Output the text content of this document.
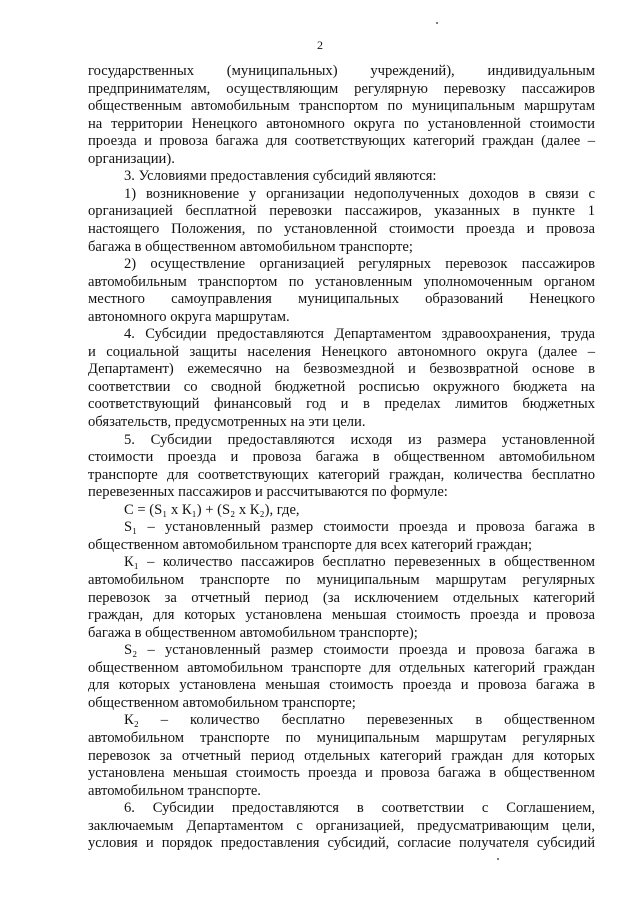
2
государственных (муниципальных) учреждений), индивидуальным
предпринимателям, осуществляющим регулярную перевозку пассажиров
общественным автомобильным транспортом по муниципальным маршрутам
на территории Ненецкого автономного округа по установленной стоимости
проезда и провоза багажа для соответствующих категорий граждан (далее –
организации).
3. Условиями предоставления субсидий являются:
1) возникновение у организации недополученных доходов в связи с
организацией бесплатной перевозки пассажиров, указанных в пункте 1
настоящего Положения, по установленной стоимости проезда и провоза
багажа в общественном автомобильном транспорте;
2) осуществление организацией регулярных перевозок пассажиров
автомобильным транспортом по установленным уполномоченным органом
местного самоуправления муниципальных образований Ненецкого
автономного округа маршрутам.
4. Субсидии предоставляются Департаментом здравоохранения, труда
и социальной защиты населения Ненецкого автономного округа (далее –
Департамент) ежемесячно на безвозмездной и безвозвратной основе в
соответствии со сводной бюджетной росписью окружного бюджета на
соответствующий финансовый год и в пределах лимитов бюджетных
обязательств, предусмотренных на эти цели.
5. Субсидии предоставляются исходя из размера установленной
стоимости проезда и провоза багажа в общественном автомобильном
транспорте для соответствующих категорий граждан, количества бесплатно
перевезенных пассажиров и рассчитываются по формуле:
С = (S₁ х К₁) + (S₂ х К₂), где,
S₁ – установленный размер стоимости проезда и провоза багажа в
общественном автомобильном транспорте для всех категорий граждан;
К₁ – количество пассажиров бесплатно перевезенных в общественном
автомобильном транспорте по муниципальным маршрутам регулярных
перевозок за отчетный период (за исключением отдельных категорий
граждан, для которых установлена меньшая стоимость проезда и провоза
багажа в общественном автомобильном транспорте);
S₂ – установленный размер стоимости проезда и провоза багажа в
общественном автомобильном транспорте для отдельных категорий граждан
для которых установлена меньшая стоимость проезда и провоза багажа в
общественном автомобильном транспорте;
К₂ – количество бесплатно перевезенных в общественном
автомобильном транспорте по муниципальным маршрутам регулярных
перевозок за отчетный период отдельных категорий граждан для которых
установлена меньшая стоимость проезда и провоза багажа в общественном
автомобильном транспорте.
6. Субсидии предоставляются в соответствии с Соглашением,
заключаемым Департаментом с организацией, предусматривающим цели,
условия и порядок предоставления субсидий, согласие получателя субсидий
